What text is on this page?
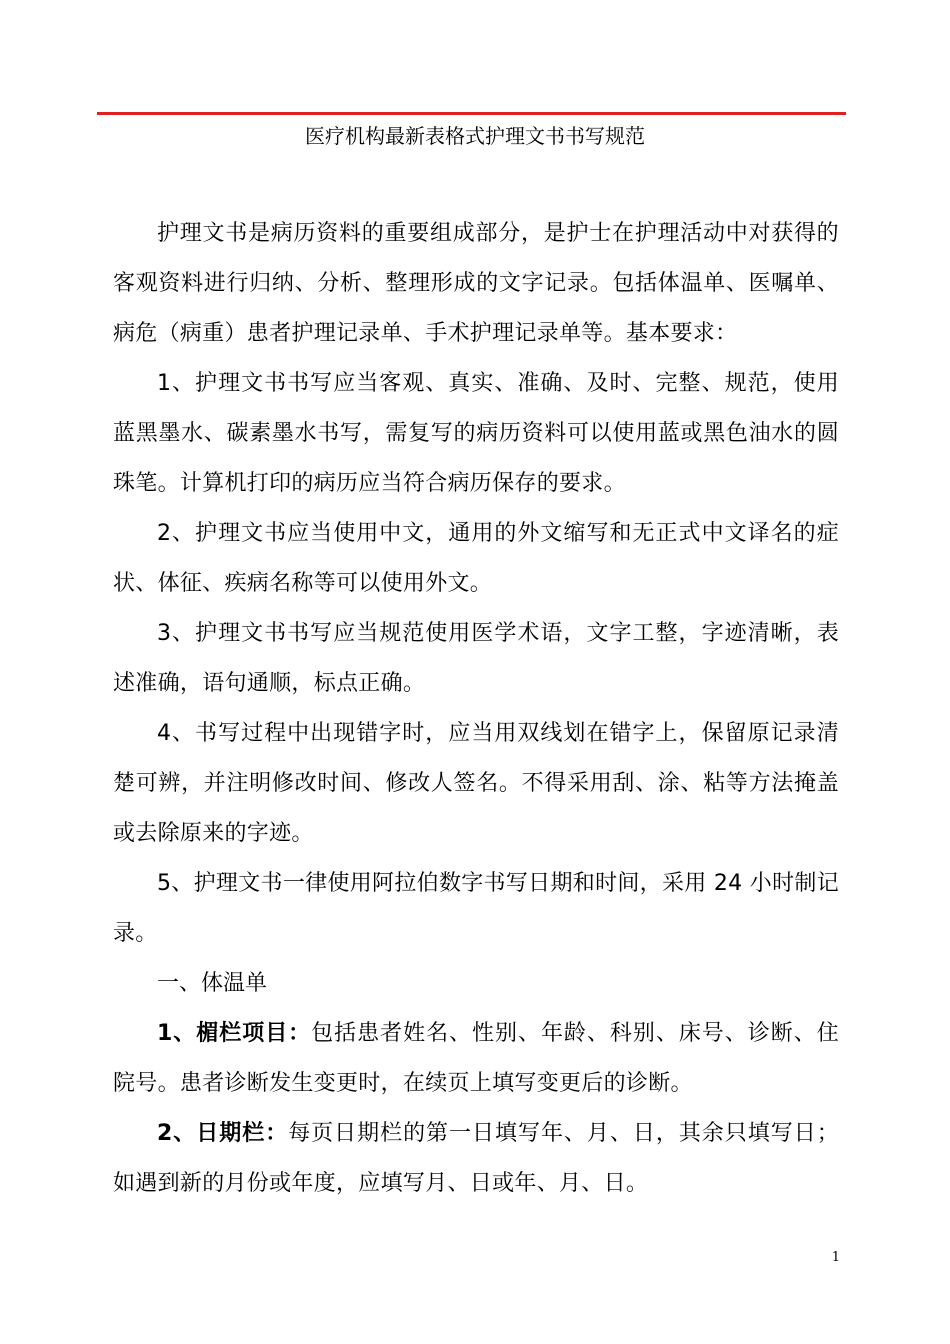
医疗机构最新表格式护理文书书写规范

护理文书是病历资料的重要组成部分，是护士在护理活动中对获得的客观资料进行归纳、分析、整理形成的文字记录。包括体温单、医嘱单、病危（病重）患者护理记录单、手术护理记录单等。基本要求：

1、护理文书书写应当客观、真实、准确、及时、完整、规范，使用蓝黑墨水、碳素墨水书写，需复写的病历资料可以使用蓝或黑色油水的圆珠笔。计算机打印的病历应当符合病历保存的要求。

2、护理文书应当使用中文，通用的外文缩写和无正式中文译名的症状、体征、疾病名称等可以使用外文。

3、护理文书书写应当规范使用医学术语，文字工整，字迹清晰，表述准确，语句通顺，标点正确。

4、书写过程中出现错字时，应当用双线划在错字上，保留原记录清楚可辨，并注明修改时间、修改人签名。不得采用刮、涂、粘等方法掩盖或去除原来的字迹。

5、护理文书一律使用阿拉伯数字书写日期和时间，采用 24 小时制记录。

一、体温单

1、楣栏项目：包括患者姓名、性别、年龄、科别、床号、诊断、住院号。患者诊断发生变更时，在续页上填写变更后的诊断。

2、日期栏：每页日期栏的第一日填写年、月、日，其余只填写日；如遇到新的月份或年度，应填写月、日或年、月、日。

1
